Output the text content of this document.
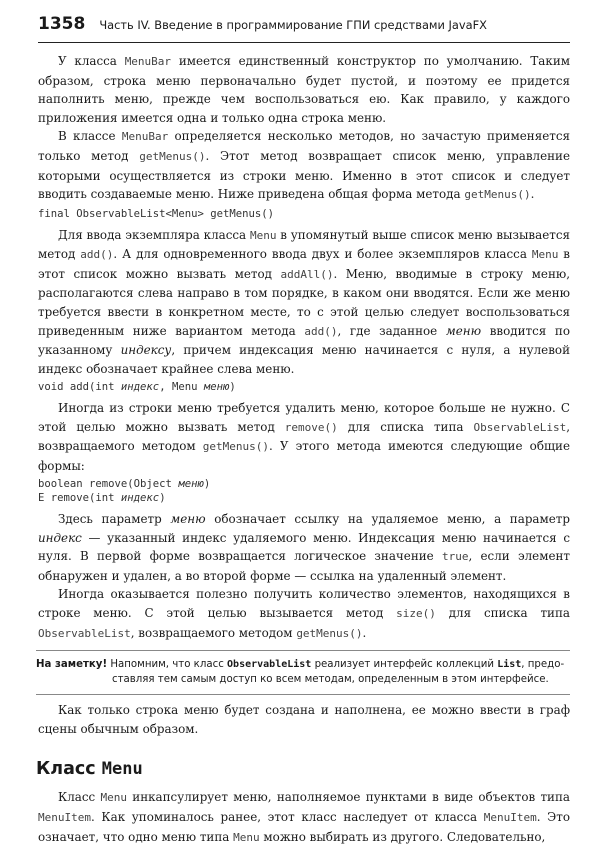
1358 Часть IV. Введение в программирование ГПИ средствами JavaFX

У класса MenuBar имеется единственный конструктор по умолчанию. Таким образом, строка меню первоначально будет пустой, и поэтому ее придется наполнить меню, прежде чем воспользоваться ею. Как правило, у каждого приложения имеется одна и только одна строка меню.

В классе MenuBar определяется несколько методов, но зачастую применяется только метод getMenus(). Этот метод возвращает список меню, управление которыми осуществляется из строки меню. Именно в этот список и следует вводить создаваемые меню. Ниже приведена общая форма метода getMenus().

final ObservableList<Menu> getMenus()

Для ввода экземпляра класса Menu в упомянутый выше список меню вызывается метод add(). А для одновременного ввода двух и более экземпляров класса Menu в этот список можно вызвать метод addAll(). Меню, вводимые в строку меню, располагаются слева направо в том порядке, в каком они вводятся. Если же меню требуется ввести в конкретном месте, то с этой целью следует воспользоваться приведенным ниже вариантом метода add(), где заданное меню вводится по указанному индексу, причем индексация меню начинается с нуля, а нулевой индекс обозначает крайнее слева меню.

void add(int индекс, Menu меню)

Иногда из строки меню требуется удалить меню, которое больше не нужно. С этой целью можно вызвать метод remove() для списка типа ObservableList, возвращаемого методом getMenus(). У этого метода имеются следующие общие формы:

boolean remove(Object меню)
E remove(int индекс)

Здесь параметр меню обозначает ссылку на удаляемое меню, а параметр индекс — указанный индекс удаляемого меню. Индексация меню начинается с нуля. В первой форме возвращается логическое значение true, если элемент обнаружен и удален, а во второй форме — ссылка на удаленный элемент.

Иногда оказывается полезно получить количество элементов, находящихся в строке меню. С этой целью вызывается метод size() для списка типа ObservableList, возвращаемого методом getMenus().

На заметку! Напомним, что класс ObservableList реализует интерфейс коллекций List, предо-
ставляя тем самым доступ ко всем методам, определенным в этом интерфейсе.

Как только строка меню будет создана и наполнена, ее можно ввести в граф сцены обычным образом.

Класс Menu

Класс Menu инкапсулирует меню, наполняемое пунктами в виде объектов типа MenuItem. Как упоминалось ранее, этот класс наследует от класса MenuItem. Это означает, что одно меню типа Menu можно выбирать из другого. Следовательно,
